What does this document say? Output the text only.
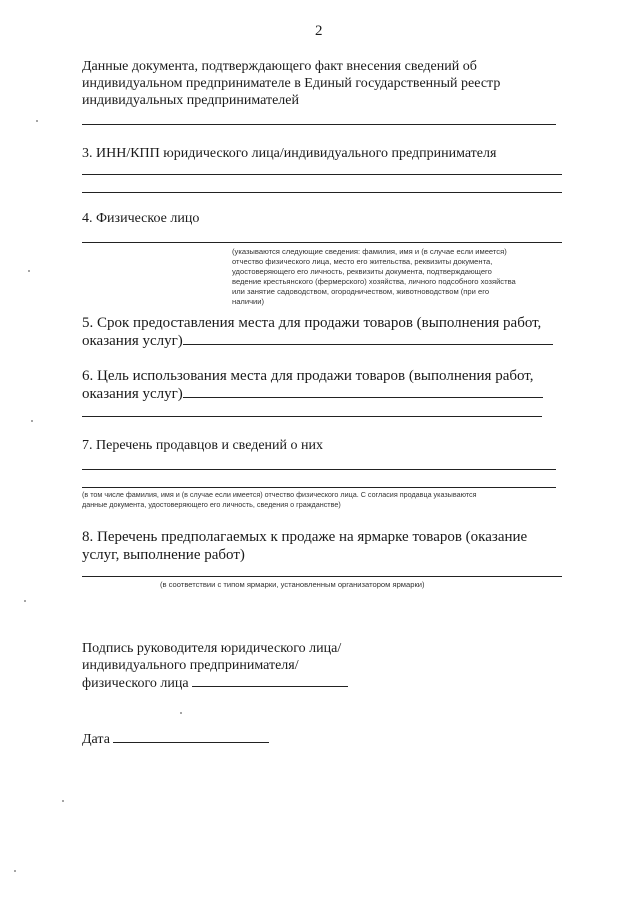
2
Данные документа, подтверждающего факт внесения сведений об
индивидуальном предпринимателе в Единый государственный реестр
индивидуальных предпринимателей
3. ИНН/КПП юридического лица/индивидуального предпринимателя
4. Физическое лицо
(указываются следующие сведения: фамилия, имя и (в случае если имеется)
отчество физического лица, место его жительства, реквизиты документа,
удостоверяющего его личность, реквизиты документа, подтверждающего
ведение крестьянского (фермерского) хозяйства, личного подсобного хозяйства
или занятие садоводством, огородничеством, животноводством (при его
наличии)
5. Срок предоставления места для продажи товаров (выполнения работ,
оказания услуг)
6. Цель использования места для продажи товаров (выполнения работ,
оказания услуг)
7. Перечень продавцов и сведений о них
(в том числе фамилия, имя и (в случае если имеется) отчество физического лица. С согласия продавца указываются
данные документа, удостоверяющего его личность, сведения о гражданстве)
8. Перечень предполагаемых к продаже на ярмарке товаров (оказание
услуг, выполнение работ)
(в соответствии с типом ярмарки, установленным организатором ярмарки)
Подпись руководителя юридического лица/
индивидуального предпринимателя/
физического лица
Дата
